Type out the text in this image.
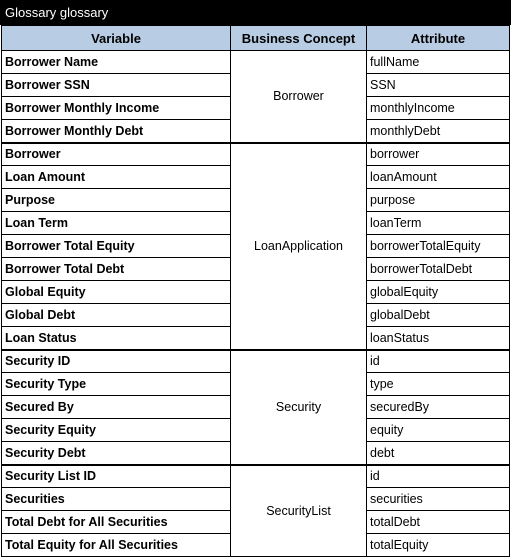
Glossary glossary
Variable	Business Concept	Attribute
Borrower Name	Borrower	fullName
Borrower SSN		SSN
Borrower Monthly Income		monthlyIncome
Borrower Monthly Debt		monthlyDebt
Borrower	LoanApplication	borrower
Loan Amount		loanAmount
Purpose		purpose
Loan Term		loanTerm
Borrower Total Equity		borrowerTotalEquity
Borrower Total Debt		borrowerTotalDebt
Global Equity		globalEquity
Global Debt		globalDebt
Loan Status		loanStatus
Security ID	Security	id
Security Type		type
Secured By		securedBy
Security Equity		equity
Security Debt		debt
Security List ID	SecurityList	id
Securities		securities
Total Debt for All Securities		totalDebt
Total Equity for All Securities		totalEquity
